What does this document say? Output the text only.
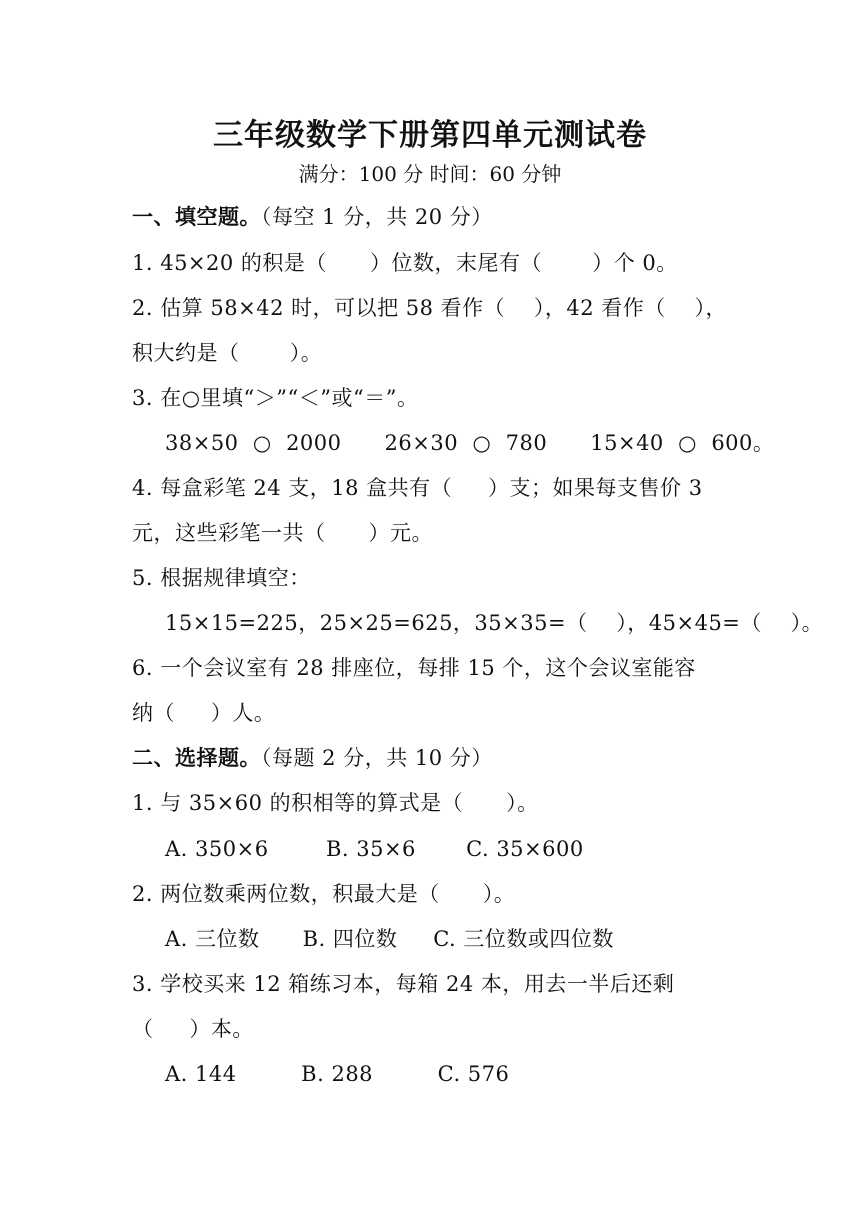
三年级数学下册第四单元测试卷
满分：100 分 时间：60 分钟
一、填空题。（每空 1 分，共 20 分）
1. 45×20 的积是（      ）位数，末尾有（       ）个 0。
2. 估算 58×42 时，可以把 58 看作（    ），42 看作（    ），
积大约是（       ）。
3. 在○里填“＞”“＜”或“＝”。
38×50  ○  2000      26×30  ○  780      15×40  ○  600。
4. 每盒彩笔 24 支，18 盒共有（     ）支；如果每支售价 3
元，这些彩笔一共（      ）元。
5. 根据规律填空：
15×15=225，25×25=625，35×35=（    ），45×45=（    ）。
6. 一个会议室有 28 排座位，每排 15 个，这个会议室能容
纳（     ）人。
二、选择题。（每题 2 分，共 10 分）
1. 与 35×60 的积相等的算式是（      ）。
A. 350×6        B. 35×6       C. 35×600
2. 两位数乘两位数，积最大是（      ）。
A. 三位数      B. 四位数     C. 三位数或四位数
3. 学校买来 12 箱练习本，每箱 24 本，用去一半后还剩
（     ）本。
A. 144         B. 288         C. 576
